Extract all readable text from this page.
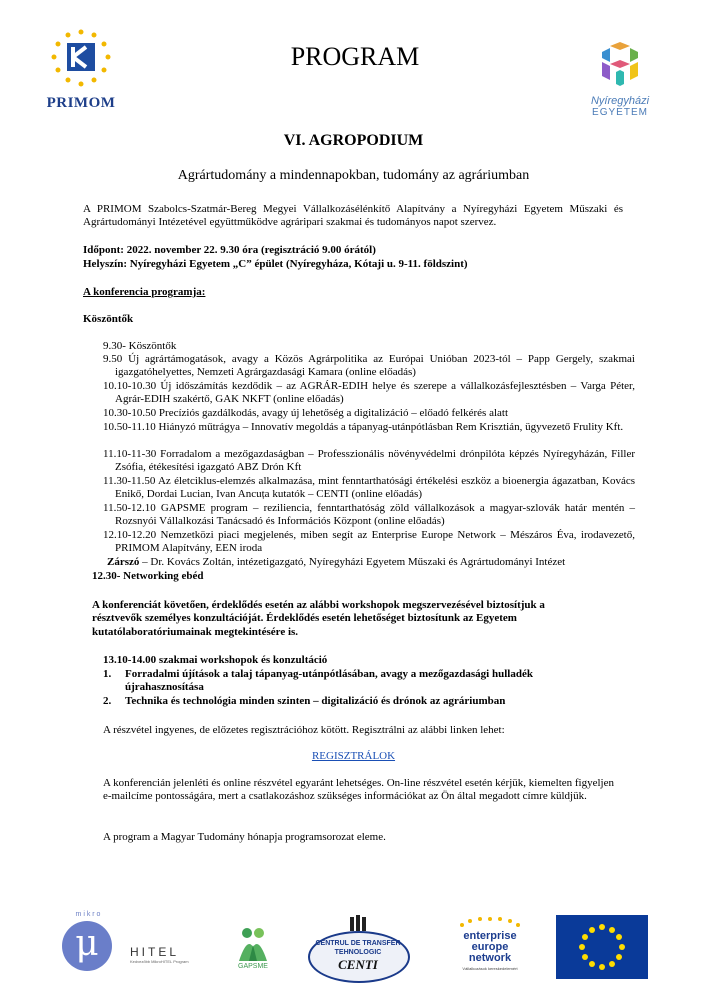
PRIMOM
PROGRAM
Nyíregyházi
EGYETEM
VI. AGROPODIUM
Agrártudomány a mindennapokban, tudomány az agráriumban
A PRIMOM Szabolcs-Szatmár-Bereg Megyei Vállalkozásélénkítő Alapítvány a Nyíregyházi Egyetem Műszaki és Agrártudományi Intézetével együttműködve agráripari szakmai és tudományos napot szervez.
Időpont: 2022. november 22. 9.30 óra (regisztráció 9.00 órától)
Helyszín: Nyíregyházi Egyetem „C” épület (Nyíregyháza, Kótaji u. 9-11. földszint)
A konferencia programja:
Köszöntők
9.30- Köszöntők
9.50 Új agrártámogatások, avagy a Közös Agrárpolitika az Európai Unióban 2023-tól – Papp Gergely, szakmai igazgatóhelyettes, Nemzeti Agrárgazdasági Kamara (online előadás)
10.10-10.30 Új időszámítás kezdődik – az AGRÁR-EDIH helye és szerepe a vállalkozásfejlesztésben – Varga Péter, Agrár-EDIH szakértő, GAK NKFT (online előadás)
10.30-10.50 Precíziós gazdálkodás, avagy új lehetőség a digitalizáció – előadó felkérés alatt
10.50-11.10 Hiányzó műtrágya – Innovatív megoldás a tápanyag-utánpótlásban Rem Krisztián, ügyvezető Frulity Kft.
11.10-11-30 Forradalom a mezőgazdaságban – Professzionális növényvédelmi drónpilóta képzés Nyíregyházán, Filler Zsófia, étékesítési igazgató ABZ Drón Kft
11.30-11.50 Az életciklus-elemzés alkalmazása, mint fenntarthatósági értékelési eszköz a bioenergia ágazatban, Kovács Enikő, Dordai Lucian, Ivan Ancuța kutatók – CENTI (online előadás)
11.50-12.10 GAPSME program – reziliencia, fenntarthatóság zöld vállalkozások a magyar-szlovák határ mentén – Rozsnyói Vállalkozási Tanácsadó és Információs Központ (online előadás)
12.10-12.20 Nemzetközi piaci megjelenés, miben segít az Enterprise Europe Network – Mészáros Éva, irodavezető, PRIMOM Alapítvány, EEN iroda
Zárszó – Dr. Kovács Zoltán, intézetigazgató, Nyíregyházi Egyetem Műszaki és Agrártudományi Intézet
12.30- Networking ebéd
A konferenciát követően, érdeklődés esetén az alábbi workshopok megszervezésével biztosítjuk a résztvevők személyes konzultációját. Érdeklődés esetén lehetőséget biztosítunk az Egyetem kutatólaboratóriumainak megtekintésére is.
13.10-14.00 szakmai workshopok és konzultáció
1. Forradalmi újítások a talaj tápanyag-utánpótlásában, avagy a mezőgazdasági hulladék újrahasznosítása
2. Technika és technológia minden szinten – digitalizáció és drónok az agráriumban
A részvétel ingyenes, de előzetes regisztrációhoz kötött. Regisztrálni az alábbi linken lehet:
REGISZTRÁLOK
A konferencián jelenléti és online részvétel egyaránt lehetséges. On-line részvétel esetén kérjük, kiemelten figyeljen e-mailcíme pontosságára, mert a csatlakozáshoz szükséges információkat az Ön által megadott címre küldjük.
A program a Magyar Tudomány hónapja programsorozat eleme.
m i k r o
μ	HITEL
Kedvezőbb MikroHITEL Program
GAPSME
CENTRUL DE TRANSFER
TEHNOLOGIC
CENTI
enterprise
europe
network
Vállalkozások kereskedelemért
